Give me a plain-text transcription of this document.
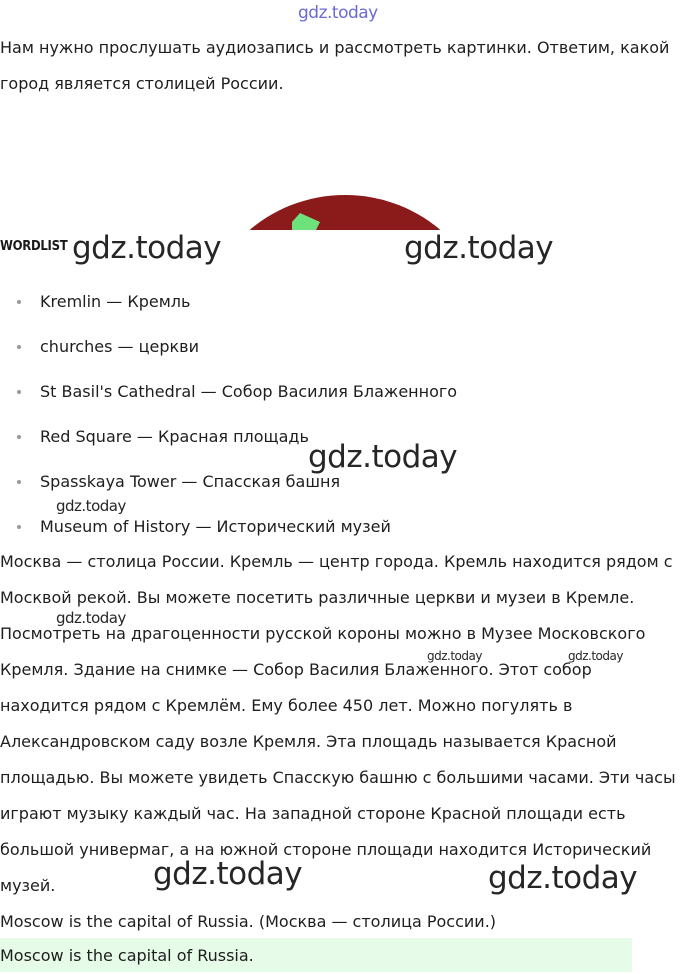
gdz.today
Нам нужно прослушать аудиозапись и рассмотреть картинки. Ответим, какой город является столицей России.
WORDLIST
Kremlin — Кремль
churches — церкви
St Basil's Cathedral — Собор Василия Блаженного
Red Square — Красная площадь
Spasskaya Tower — Спасская башня
Museum of History — Исторический музей

Москва — столица России. Кремль — центр города. Кремль находится рядом с Москвой рекой. Вы можете посетить различные церкви и музеи в Кремле. Посмотреть на драгоценности русской короны можно в Музее Московского Кремля. Здание на снимке — Собор Василия Блаженного. Этот собор находится рядом с Кремлём. Ему более 450 лет. Можно погулять в Александровском саду возле Кремля. Эта площадь называется Красной площадью. Вы можете увидеть Спасскую башню с большими часами. Эти часы играют музыку каждый час. На западной стороне Красной площади есть большой универмаг, а на южной стороне площади находится Исторический музей.

Moscow is the capital of Russia. (Москва — столица России.)
Moscow is the capital of Russia.
gdz.today	gdz.today
gdz.today
gdz.today
gdz.today
gdz.today	gdz.today
gdz.today	gdz.today
